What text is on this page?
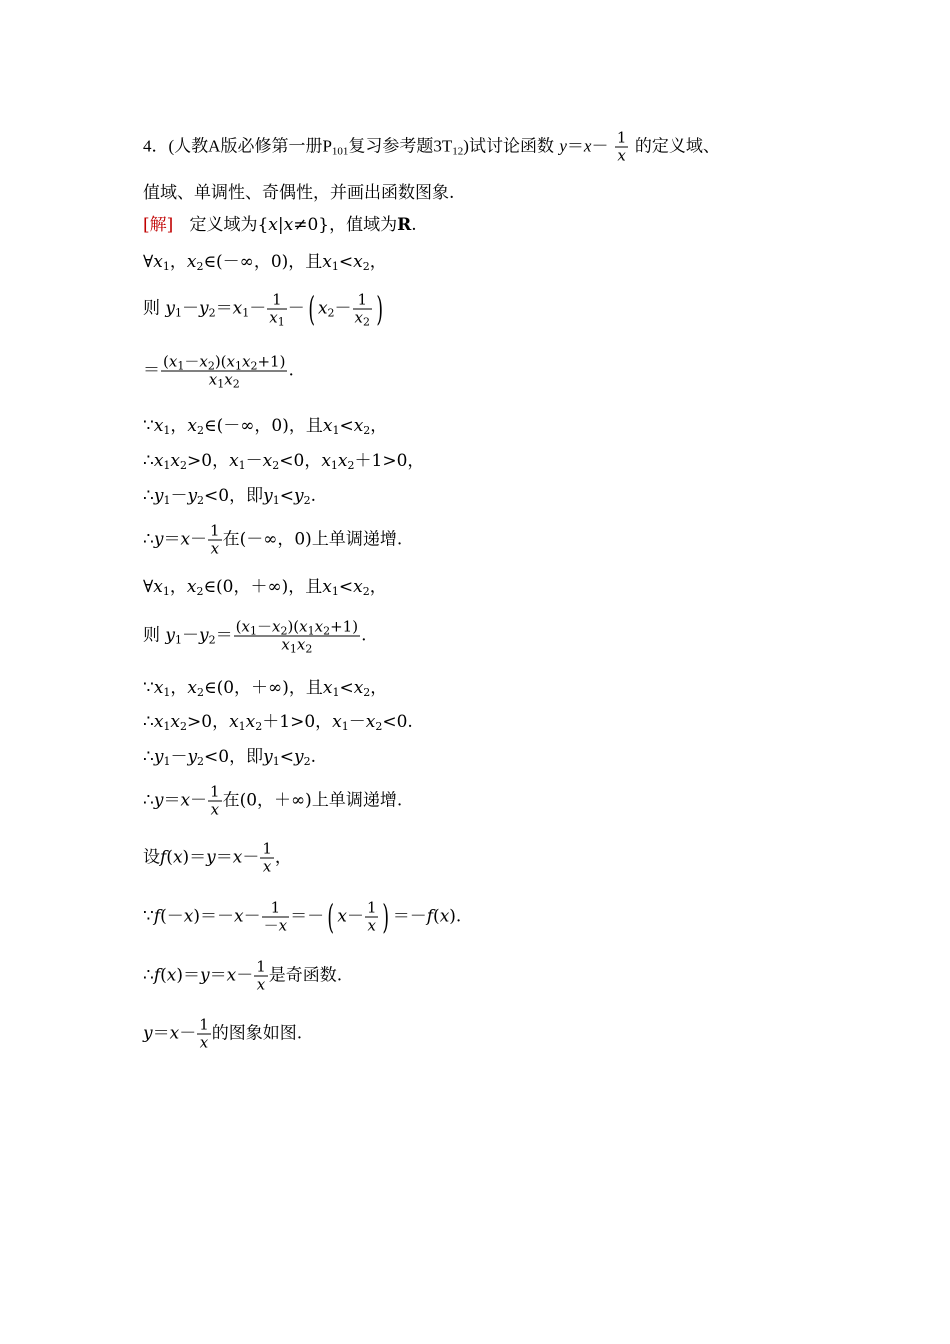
4．(人教A版必修第一册$P_{101}$复习参考题$3T_{12}$)试讨论函数 $y=x- \frac{1}{x}$ 的定义域、
值域、单调性、奇偶性，并画出函数图象.
[解]   定义域为{x|x≠0}，值域为R.
$\forall x_1$，$x_2\in(-\infty$，0)，且$x_1<x_2$，
则 $y_1-y_2=x_1- \frac{1}{x_1}$ －( $x_2- \frac{1}{x_2}$ )
＝ $\frac{(x_1-x_2)(x_1x_2+1)}{x_1x_2}$ .
$\because x_1$，$x_2\in(-\infty$，0)，且$x_1<x_2$，
$\therefore x_1x_2>0$，$x_1-x_2<0$，$x_1x_2+1>0$，
$\therefore y_1-y_2<0$，即$y_1<y_2$.
∴y＝x－ $\frac{1}{x}$ 在(－∞，0)上单调递增.
$\forall x_1$，$x_2\in(0$，＋∞)，且$x_1<x_2$，
则 $y_1-y_2= \frac{(x_1-x_2)(x_1x_2+1)}{x_1x_2}$ .
$\because x_1$，$x_2\in(0$，＋∞)，且$x_1<x_2$，
$\therefore x_1x_2>0$，$x_1x_2+1>0$，$x_1-x_2<0$.
$\therefore y_1-y_2<0$，即$y_1<y_2$.
∴y＝x－ $\frac{1}{x}$ 在(0，＋∞)上单调递增.
设$f(x)=y=x- \frac{1}{x}$ ，
∵f(－x)＝－x－ $\frac{1}{-x}$ ＝－( $x- \frac{1}{x}$ ) ＝－f(x).
∴f(x)＝y＝x－ $\frac{1}{x}$ 是奇函数.
$y=x- \frac{1}{x}$ 的图象如图.
